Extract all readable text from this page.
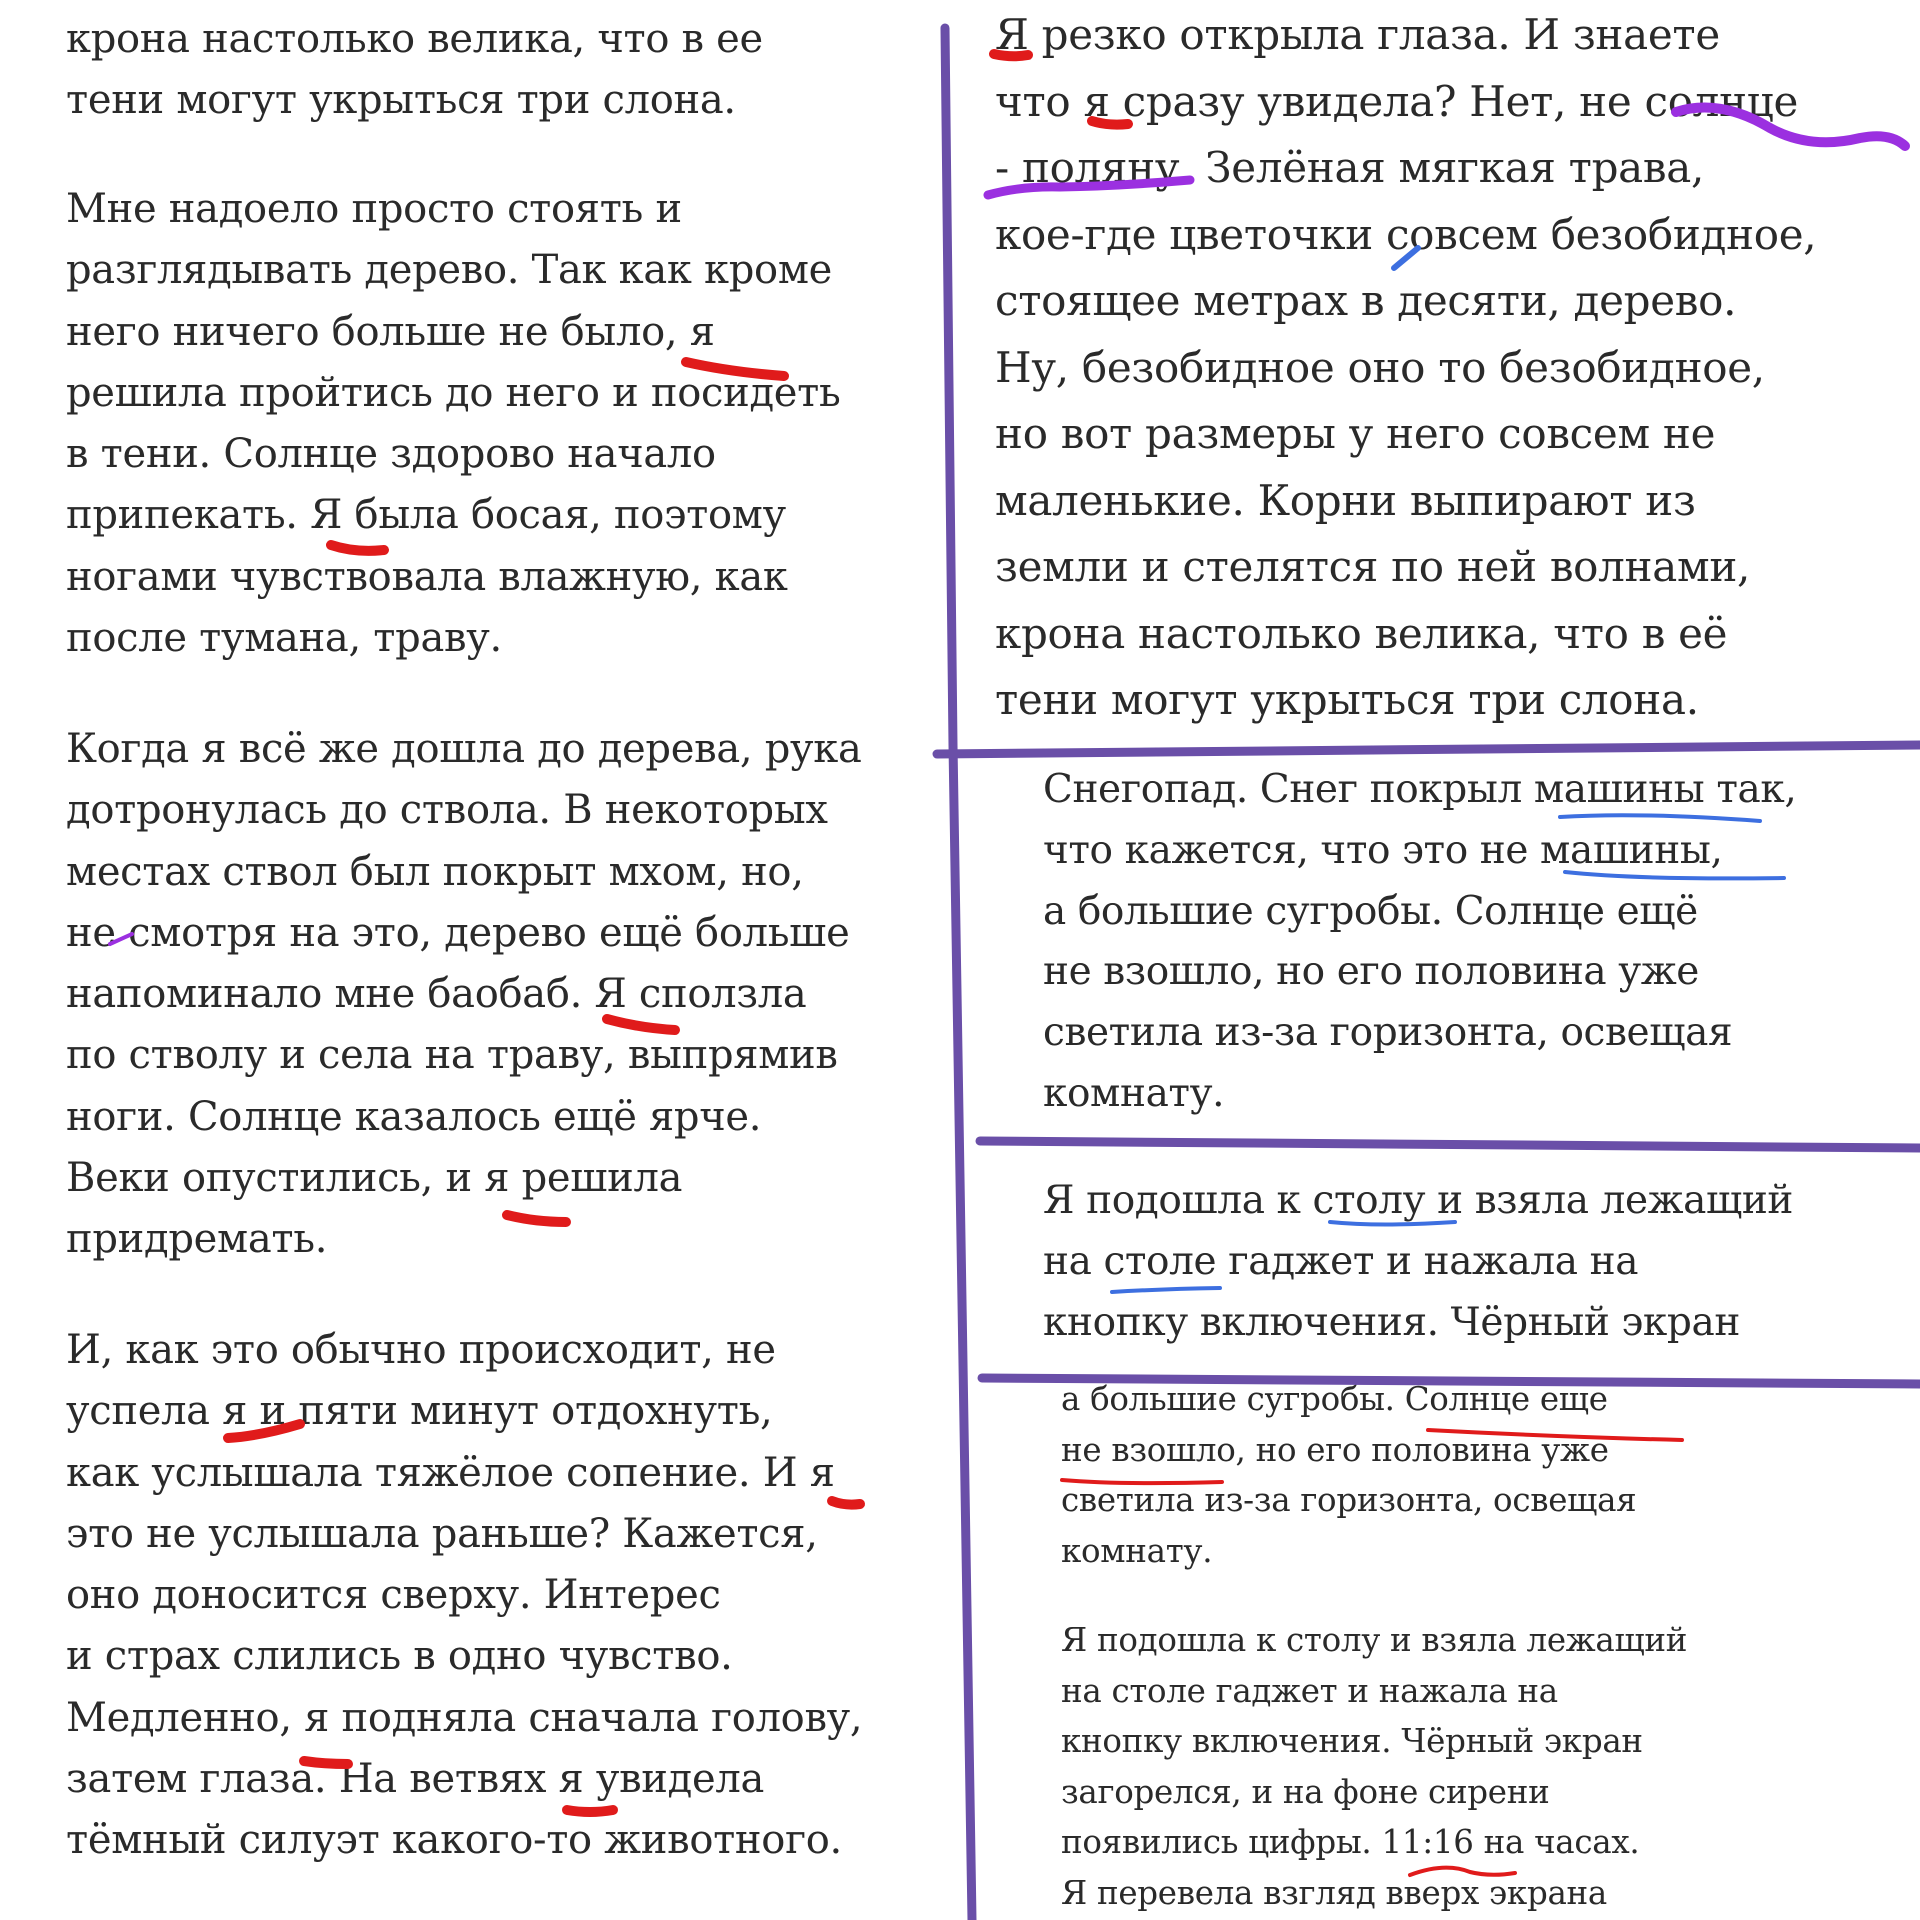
крона настолько велика, что в ее
тени могут укрыться три слона.
Мне надоело просто стоять и
разглядывать дерево. Так как кроме
него ничего больше не было, я
решила пройтись до него и посидеть
в тени. Солнце здорово начало
припекать. Я была босая, поэтому
ногами чувствовала влажную, как
после тумана, траву.
Когда я всё же дошла до дерева, рука
дотронулась до ствола. В некоторых
местах ствол был покрыт мхом, но,
не смотря на это, дерево ещё больше
напоминало мне баобаб. Я сползла
по стволу и села на траву, выпрямив
ноги. Солнце казалось ещё ярче.
Веки опустились, и я решила
придремать.
И, как это обычно происходит, не
успела я и пяти минут отдохнуть,
как услышала тяжёлое сопение. И я
это не услышала раньше? Кажется,
оно доносится сверху. Интерес
и страх слились в одно чувство.
Медленно, я подняла сначала голову,
затем глаза. На ветвях я увидела
тёмный силуэт какого-то животного.
Я резко открыла глаза. И знаете
что я сразу увидела? Нет, не солнце
- поляну. Зелёная мягкая трава,
кое-где цветочки совсем безобидное,
стоящее метрах в десяти, дерево.
Ну, безобидное оно то безобидное,
но вот размеры у него совсем не
маленькие. Корни выпирают из
земли и стелятся по ней волнами,
крона настолько велика, что в её
тени могут укрыться три слона.
Снегопад. Снег покрыл машины так,
что кажется, что это не машины,
а большие сугробы. Солнце ещё
не взошло, но его половина уже
светила из-за горизонта, освещая
комнату.
Я подошла к столу и взяла лежащий
на столе гаджет и нажала на
кнопку включения. Чёрный экран
а большие сугробы. Солнце еще
не взошло, но его половина уже
светила из-за горизонта, освещая
комнату.
Я подошла к столу и взяла лежащий
на столе гаджет и нажала на
кнопку включения. Чёрный экран
загорелся, и на фоне сирени
появились цифры. 11:16 на часах.
Я перевела взгляд вверх экрана
